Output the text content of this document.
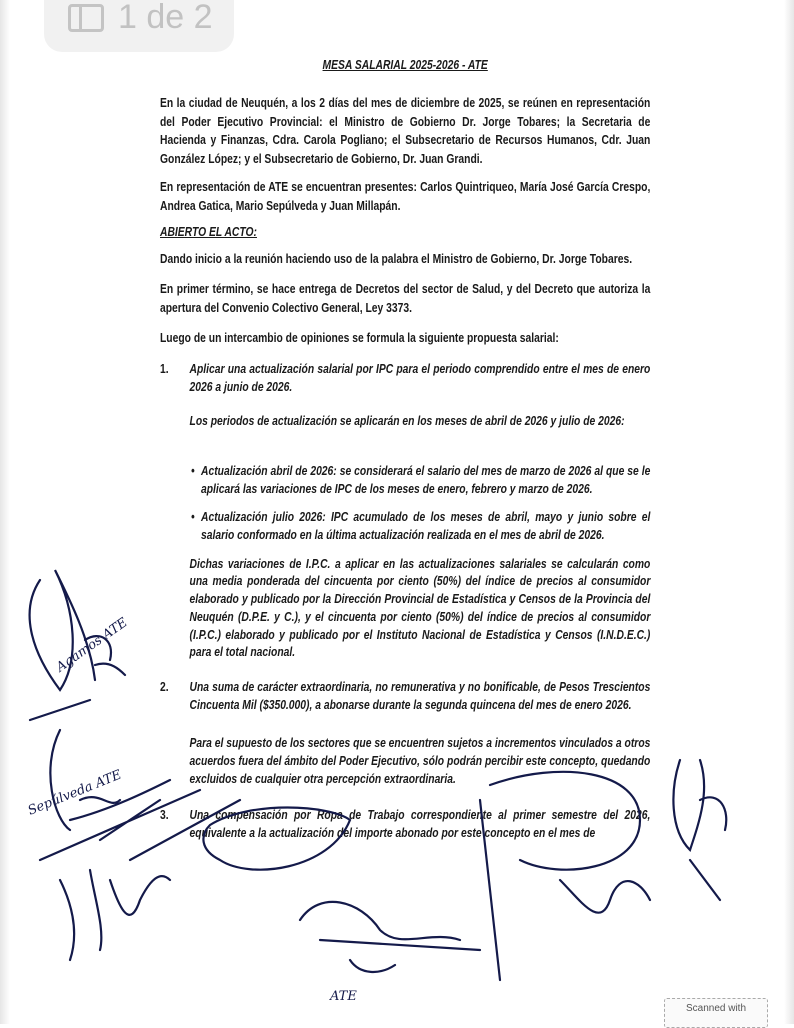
1 de 2
MESA SALARIAL 2025-2026 - ATE
En la ciudad de Neuquén, a los 2 días del mes de diciembre de 2025, se reúnen en representación del Poder Ejecutivo Provincial: el Ministro de Gobierno Dr. Jorge Tobares; la Secretaria de Hacienda y Finanzas, Cdra. Carola Pogliano; el Subsecretario de Recursos Humanos, Cdr. Juan González López; y el Subsecretario de Gobierno, Dr. Juan Grandi.
En representación de ATE se encuentran presentes: Carlos Quintriqueo, María José García Crespo, Andrea Gatica, Mario Sepúlveda y Juan Millapán.
ABIERTO EL ACTO:
Dando inicio a la reunión haciendo uso de la palabra el Ministro de Gobierno, Dr. Jorge Tobares.
En primer término, se hace entrega de Decretos del sector de Salud, y del Decreto que autoriza la apertura del Convenio Colectivo General, Ley 3373.
Luego de un intercambio de opiniones se formula la siguiente propuesta salarial:
1.	Aplicar una actualización salarial por IPC para el periodo comprendido entre el mes de enero 2026 a junio de 2026.
Los periodos de actualización se aplicarán en los meses de abril de 2026 y julio de 2026:
• Actualización abril de 2026: se considerará el salario del mes de marzo de 2026 al que se le aplicará las variaciones de IPC de los meses de enero, febrero y marzo de 2026.
• Actualización julio 2026: IPC acumulado de los meses de abril, mayo y junio sobre el salario conformado en la última actualización realizada en el mes de abril de 2026.
Dichas variaciones de I.P.C. a aplicar en las actualizaciones salariales se calcularán como una media ponderada del cincuenta por ciento (50%) del índice de precios al consumidor elaborado y publicado por la Dirección Provincial de Estadística y Censos de la Provincia del Neuquén (D.P.E. y C.), y el cincuenta por ciento (50%) del índice de precios al consumidor (I.P.C.) elaborado y publicado por el Instituto Nacional de Estadística y Censos (I.N.D.E.C.) para el total nacional.
2.	Una suma de carácter extraordinaria, no remunerativa y no bonificable, de Pesos Trescientos Cincuenta Mil ($350.000), a abonarse durante la segunda quincena del mes de enero 2026.
Para el supuesto de los sectores que se encuentren sujetos a incrementos vinculados a otros acuerdos fuera del ámbito del Poder Ejecutivo, sólo podrán percibir este concepto, quedando excluidos de cualquier otra percepción extraordinaria.
3.	Una compensación por Ropa de Trabajo correspondiente al primer semestre del 2026, equivalente a la actualización del importe abonado por este concepto en el mes de
Agamos ATE
Sepúlveda ATE
ATE
Scanned with
